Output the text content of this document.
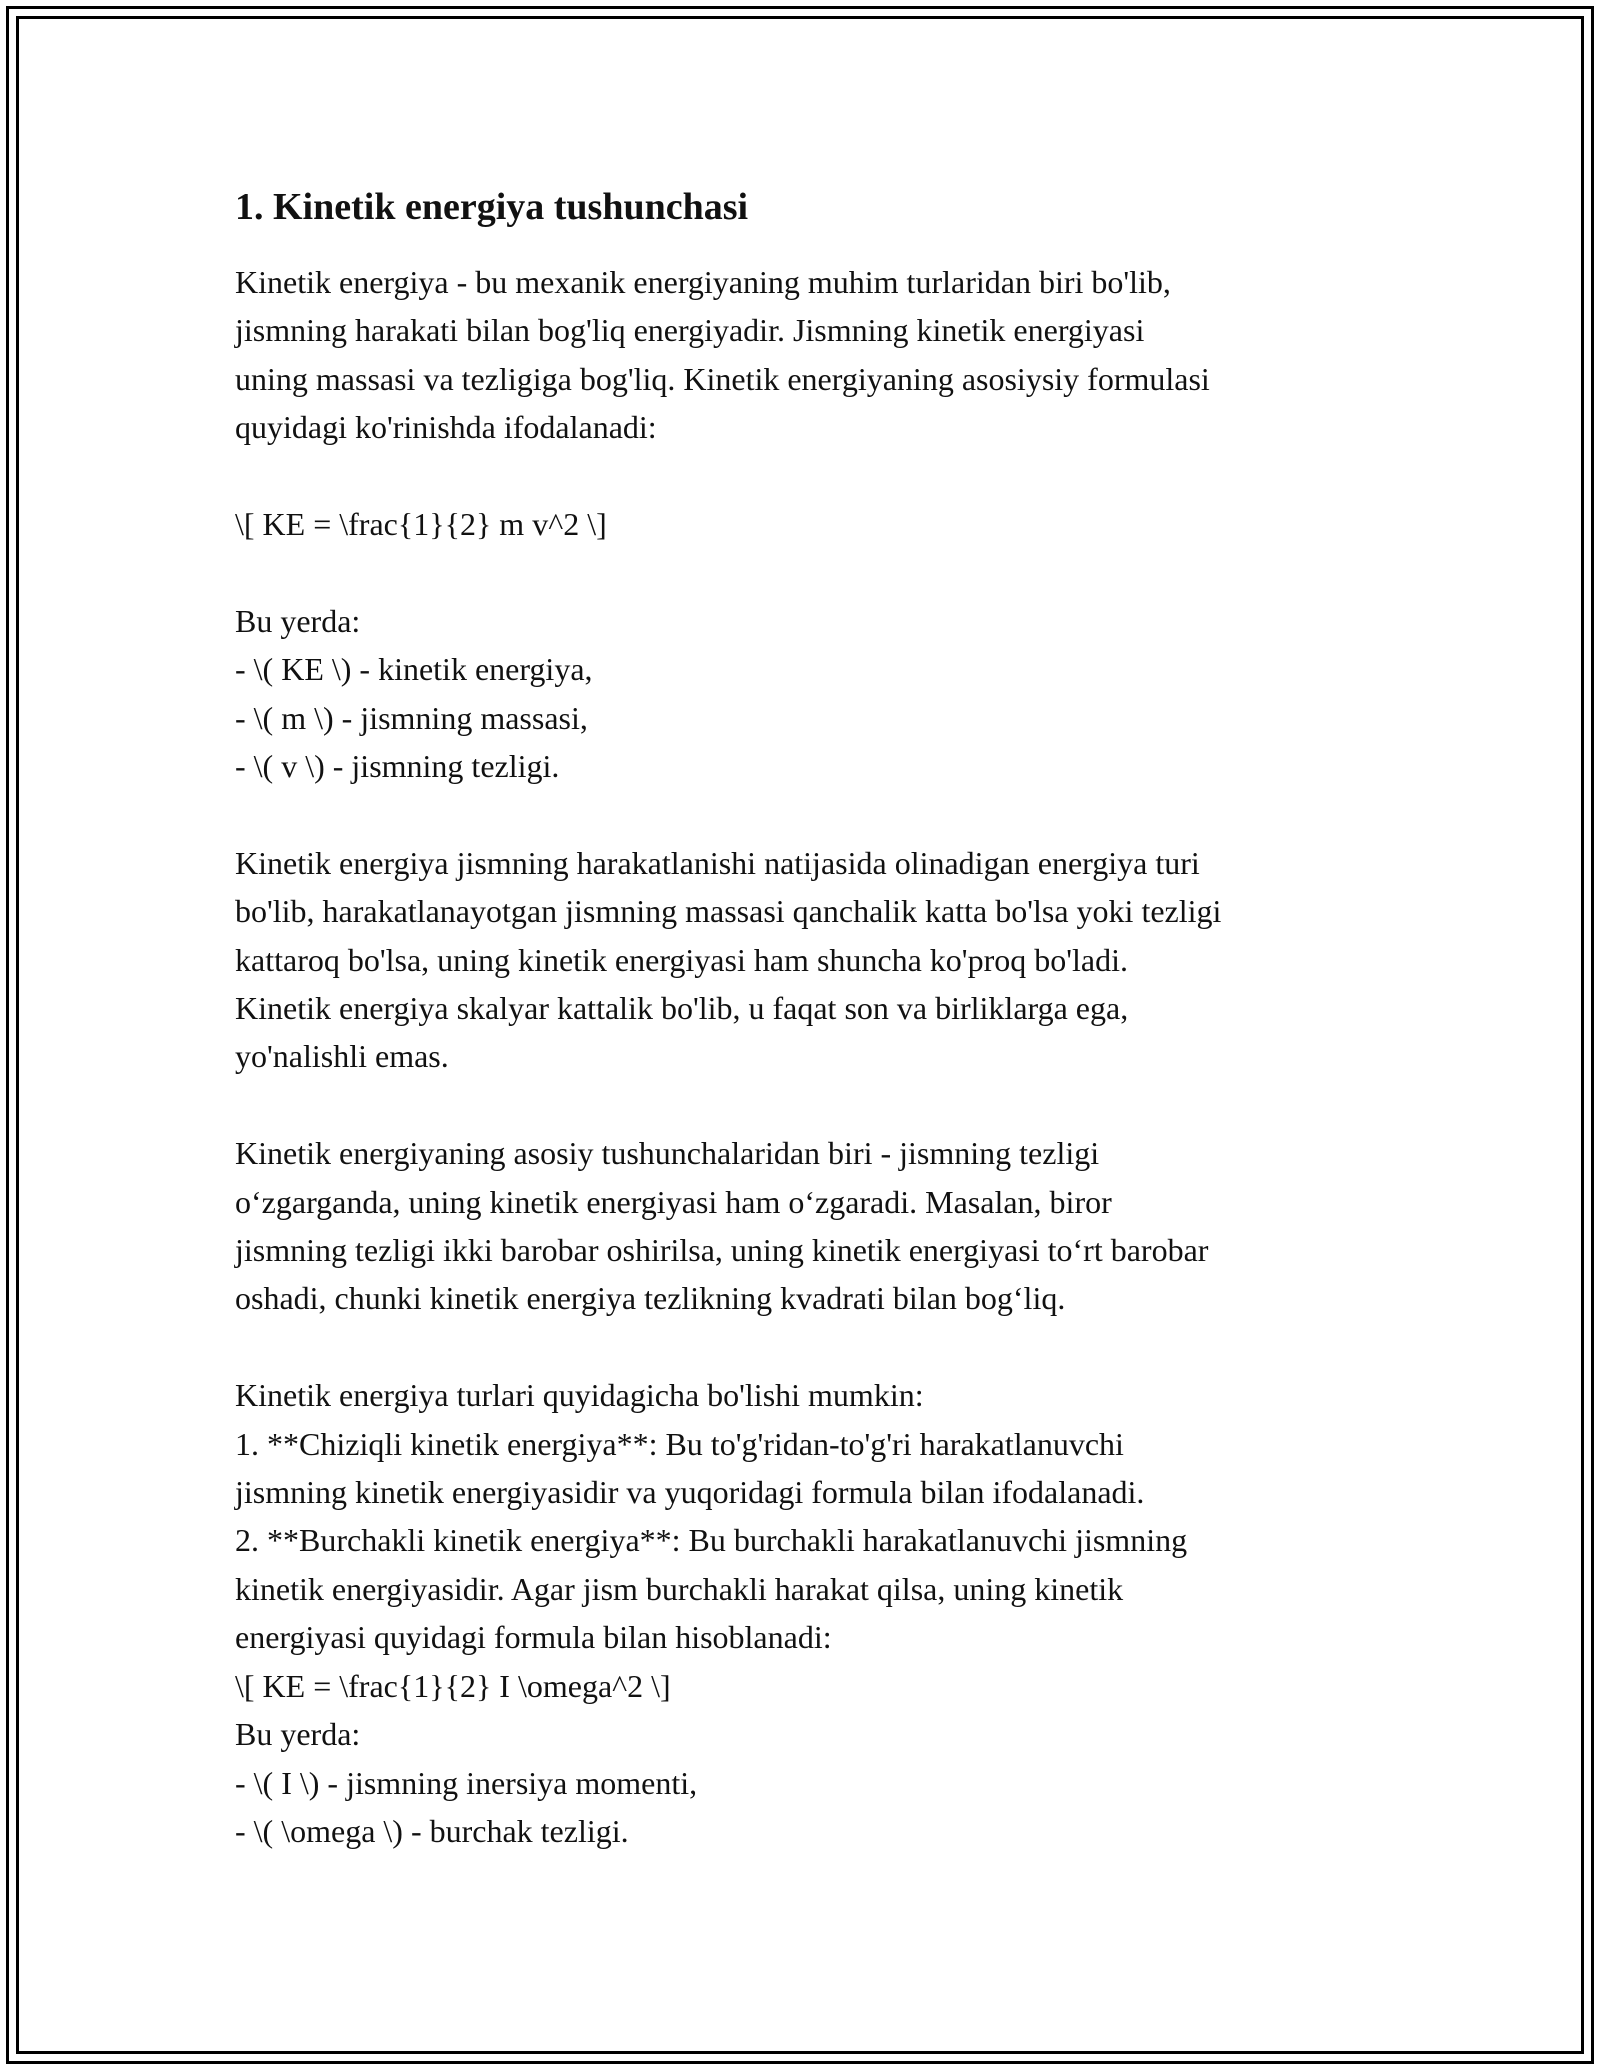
1. Kinetik energiya tushunchasi
Kinetik energiya - bu mexanik energiyaning muhim turlaridan biri bo'lib,
jismning harakati bilan bog'liq energiyadir. Jismning kinetik energiyasi
uning massasi va tezligiga bog'liq. Kinetik energiyaning asosiysiy formulasi
quyidagi ko'rinishda ifodalanadi:
\[ KE = \frac{1}{2} m v^2 \]
Bu yerda:
- \( KE \) - kinetik energiya,
- \( m \) - jismning massasi,
- \( v \) - jismning tezligi.
Kinetik energiya jismning harakatlanishi natijasida olinadigan energiya turi
bo'lib, harakatlanayotgan jismning massasi qanchalik katta bo'lsa yoki tezligi
kattaroq bo'lsa, uning kinetik energiyasi ham shuncha ko'proq bo'ladi.
Kinetik energiya skalyar kattalik bo'lib, u faqat son va birliklarga ega,
yo'nalishli emas.
Kinetik energiyaning asosiy tushunchalaridan biri - jismning tezligi
o‘zgarganda, uning kinetik energiyasi ham o‘zgaradi. Masalan, biror
jismning tezligi ikki barobar oshirilsa, uning kinetik energiyasi to‘rt barobar
oshadi, chunki kinetik energiya tezlikning kvadrati bilan bog‘liq.
Kinetik energiya turlari quyidagicha bo'lishi mumkin:
1. **Chiziqli kinetik energiya**: Bu to'g'ridan-to'g'ri harakatlanuvchi
jismning kinetik energiyasidir va yuqoridagi formula bilan ifodalanadi.
2. **Burchakli kinetik energiya**: Bu burchakli harakatlanuvchi jismning
kinetik energiyasidir. Agar jism burchakli harakat qilsa, uning kinetik
energiyasi quyidagi formula bilan hisoblanadi:
\[ KE = \frac{1}{2} I \omega^2 \]
Bu yerda:
- \( I \) - jismning inersiya momenti,
- \( \omega \) - burchak tezligi.
